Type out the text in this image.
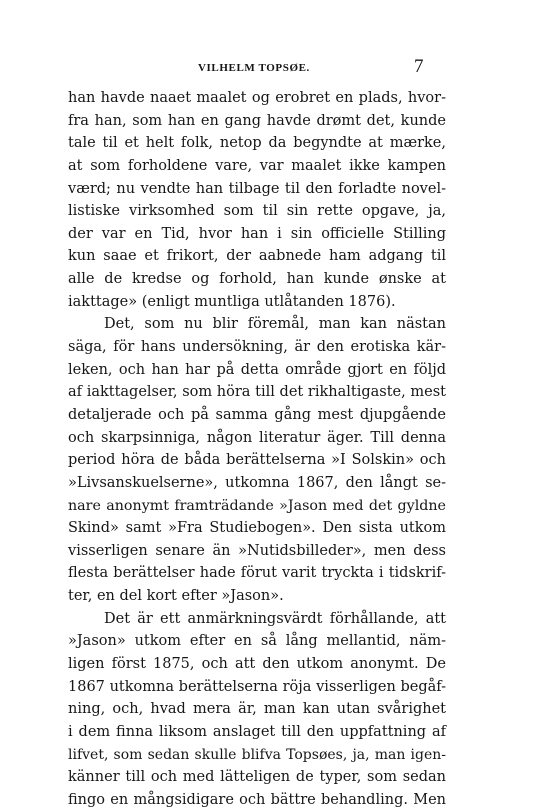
VILHELM TOPSØE.	7
han havde naaet maalet og erobret en plads, hvor-
fra han, som han en gang havde drømt det, kunde
tale til et helt folk, netop da begyndte at mærke,
at som forholdene vare, var maalet ikke kampen
værd; nu vendte han tilbage til den forladte novel-
listiske virksomhed som til sin rette opgave, ja,
der var en Tid, hvor han i sin officielle Stilling
kun saae et frikort, der aabnede ham adgang til
alle de kredse og forhold, han kunde ønske at
iakttage» (enligt muntliga utlåtanden 1876).
Det, som nu blir föremål, man kan nästan
säga, för hans undersökning, är den erotiska kär-
leken, och han har på detta område gjort en följd
af iakttagelser, som höra till det rikhaltigaste, mest
detaljerade och på samma gång mest djupgående
och skarpsinniga, någon literatur äger. Till denna
period höra de båda berättelserna »I Solskin» och
»Livsanskuelserne», utkomna 1867, den långt se-
nare anonymt framträdande »Jason med det gyldne
Skind» samt »Fra Studiebogen». Den sista utkom
visserligen senare än »Nutidsbilleder», men dess
flesta berättelser hade förut varit tryckta i tidskrif-
ter, en del kort efter »Jason».
Det är ett anmärkningsvärdt förhållande, att
»Jason» utkom efter en så lång mellantid, näm-
ligen först 1875, och att den utkom anonymt. De
1867 utkomna berättelserna röja visserligen begåf-
ning, och, hvad mera är, man kan utan svårighet
i dem finna liksom anslaget till den uppfattning af
lifvet, som sedan skulle blifva Topsøes, ja, man igen-
känner till och med lätteligen de typer, som sedan
fingo en mångsidigare och bättre behandling. Men
